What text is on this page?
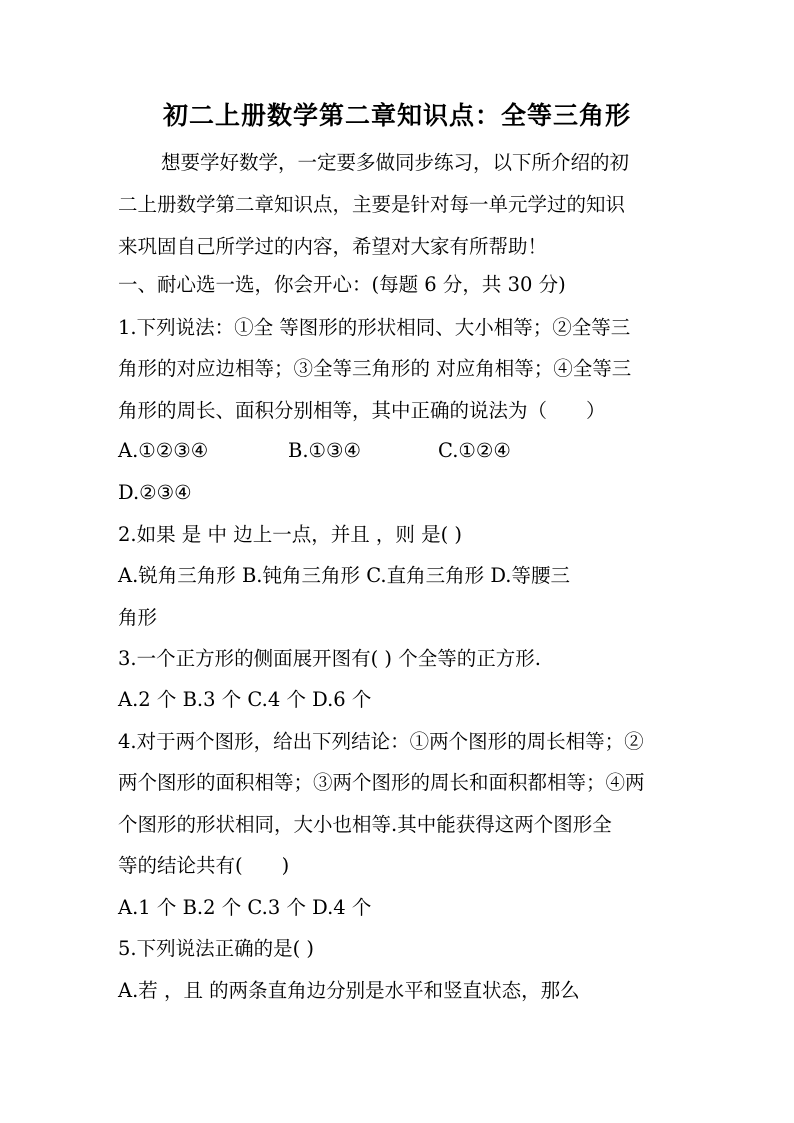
初二上册数学第二章知识点：全等三角形
想要学好数学，一定要多做同步练习，以下所介绍的初
二上册数学第二章知识点，主要是针对每一单元学过的知识
来巩固自己所学过的内容，希望对大家有所帮助！
一、耐心选一选，你会开心：(每题 6 分，共 30 分)
1.下列说法：①全 等图形的形状相同、大小相等；②全等三
角形的对应边相等；③全等三角形的 对应角相等；④全等三
角形的周长、面积分别相等，其中正确的说法为（　　）
A.①②③④	B.①③④	C.①②④
D.②③④
2.如果 是 中 边上一点，并且 ，则 是( )
A.锐角三角形 B.钝角三角形 C.直角三角形 D.等腰三
角形
3.一个正方形的侧面展开图有( ) 个全等的正方形.
A.2 个 B.3 个 C.4 个 D.6 个
4.对于两个图形，给出下列结论：①两个图形的周长相等；②
两个图形的面积相等；③两个图形的周长和面积都相等；④两
个图形的形状相同，大小也相等.其中能获得这两个图形全
等的结论共有(　　)
A.1 个 B.2 个 C.3 个 D.4 个
5.下列说法正确的是( )
A.若 ，且 的两条直角边分别是水平和竖直状态，那么
